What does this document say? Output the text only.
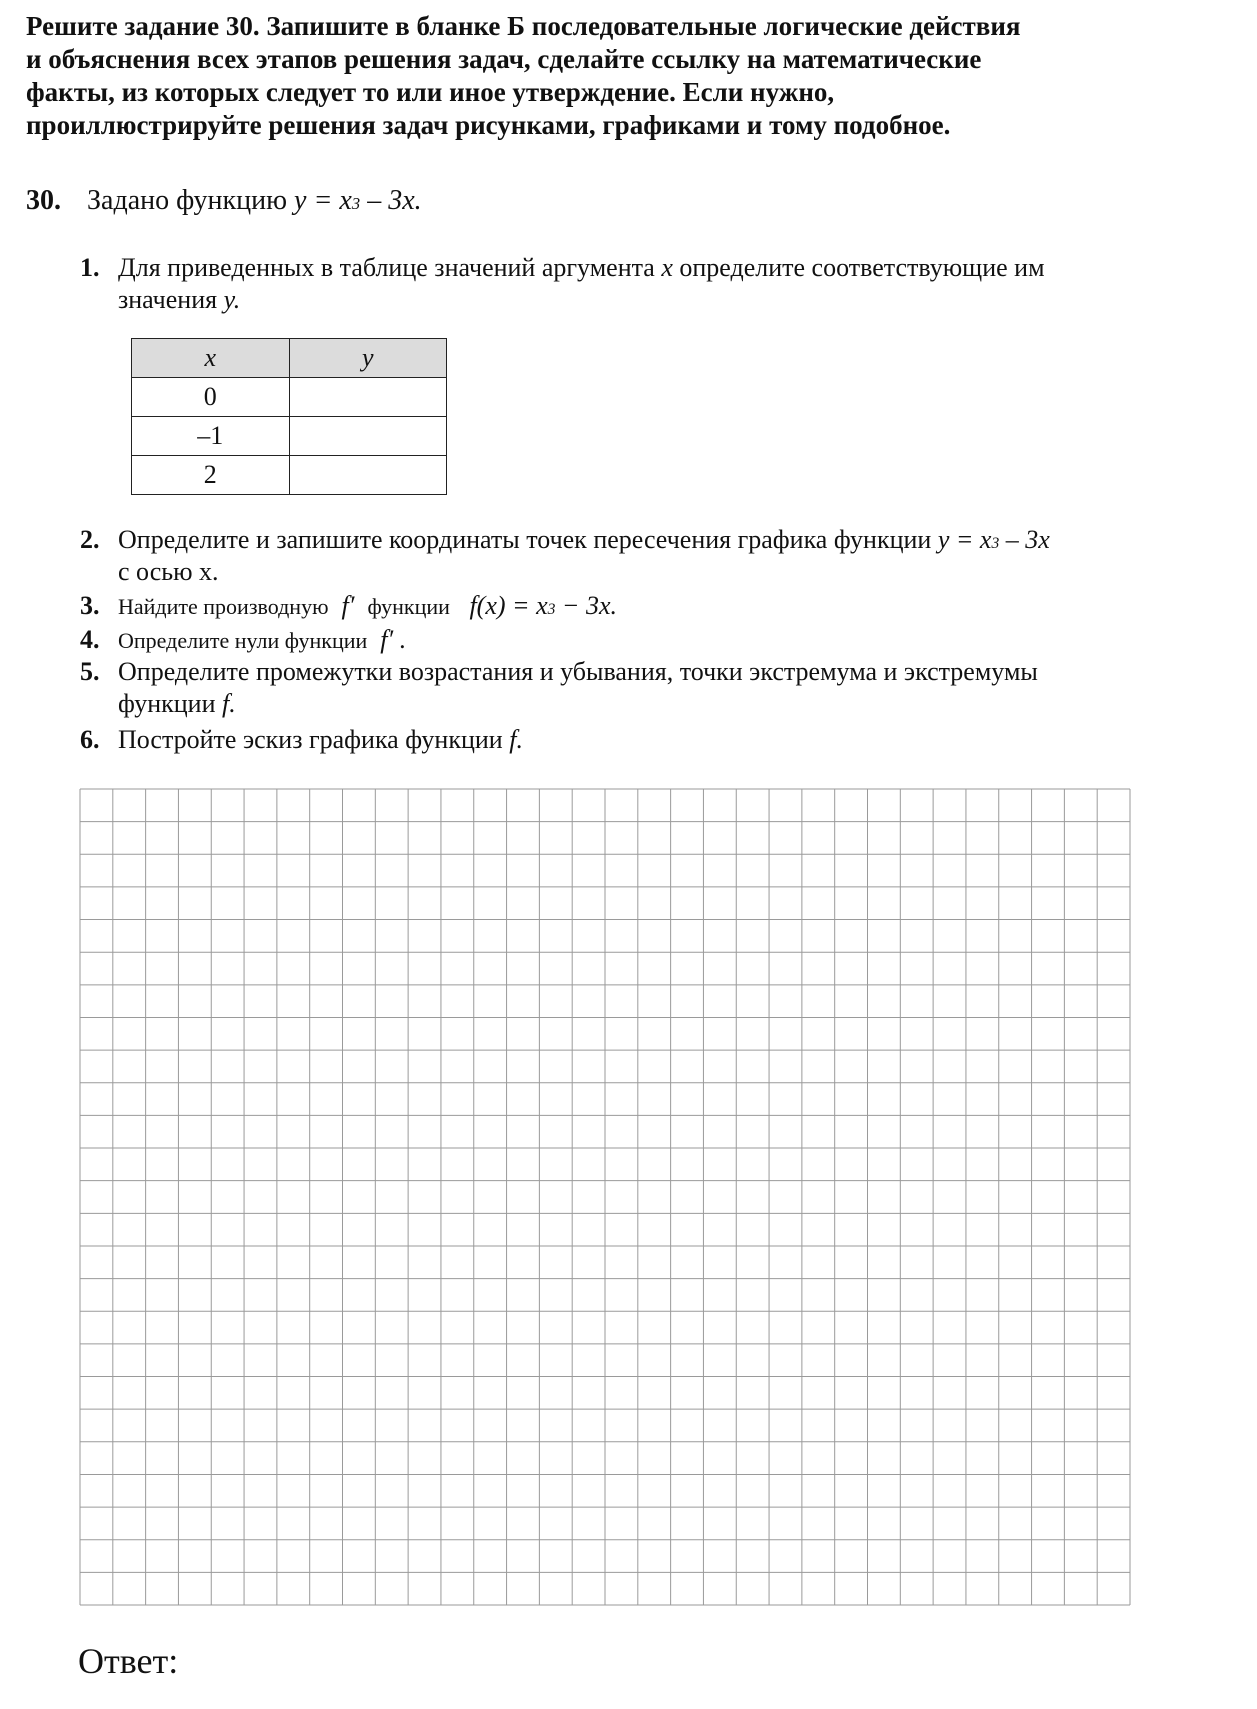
Решите задание 30. Запишите в бланке Б последовательные логические действия
и объяснения всех этапов решения задач, сделайте ссылку на математические
факты, из которых следует то или иное утверждение. Если нужно,
проиллюстрируйте решения задач рисунками, графиками и тому подобное.
30. Задано функцию $y = x^3 - 3x$.
1. Для приведенных в таблице значений аргумента x определите соответствующие им
значения y.
x	y
0	
–1	
2	
2. Определите и запишите координаты точек пересечения графика функции $y = x^3 - 3x$
с осью x.
3. Найдите производную f′ функции $f(x) = x^3 - 3x$.
4. Определите нули функции f′ .
5. Определите промежутки возрастания и убывания, точки экстремума и экстремумы
функции f.
6. Постройте эскиз графика функции f.
Ответ:
